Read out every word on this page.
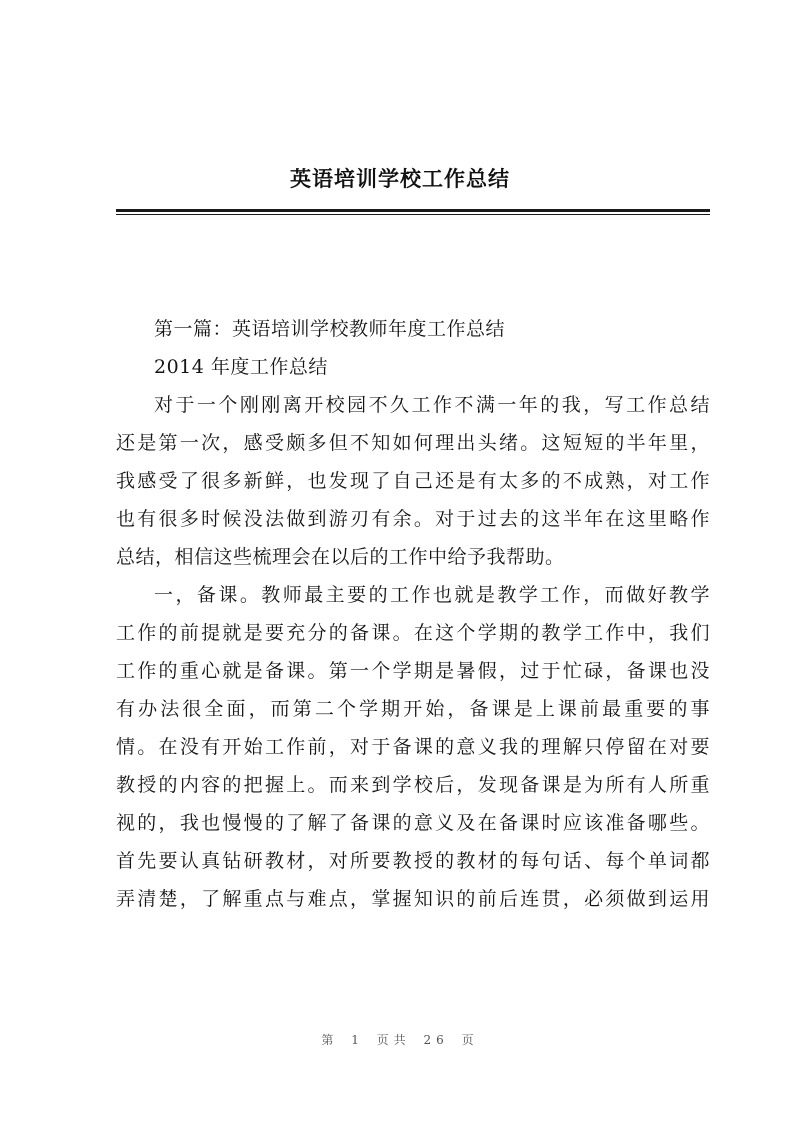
英语培训学校工作总结
第一篇：英语培训学校教师年度工作总结
2014 年度工作总结
对于一个刚刚离开校园不久工作不满一年的我，写工作总结
还是第一次，感受颇多但不知如何理出头绪。这短短的半年里，
我感受了很多新鲜，也发现了自己还是有太多的不成熟，对工作
也有很多时候没法做到游刃有余。对于过去的这半年在这里略作
总结，相信这些梳理会在以后的工作中给予我帮助。
一，备课。教师最主要的工作也就是教学工作，而做好教学
工作的前提就是要充分的备课。在这个学期的教学工作中，我们
工作的重心就是备课。第一个学期是暑假，过于忙碌，备课也没
有办法很全面，而第二个学期开始，备课是上课前最重要的事
情。在没有开始工作前，对于备课的意义我的理解只停留在对要
教授的内容的把握上。而来到学校后，发现备课是为所有人所重
视的，我也慢慢的了解了备课的意义及在备课时应该准备哪些。
首先要认真钻研教材，对所要教授的教材的每句话、每个单词都
弄清楚，了解重点与难点，掌握知识的前后连贯，必须做到运用
第 1 页共 26 页
